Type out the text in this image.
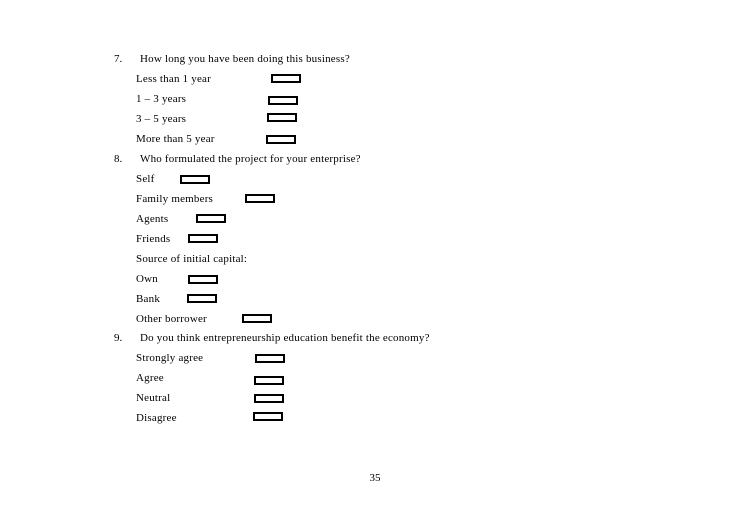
7. How long you have been doing this business?
Less than 1 year
1 – 3 years
3 – 5 years
More than 5 year
8. Who formulated the project for your enterprise?
Self
Family members
Agents
Friends
Source of initial capital:
Own
Bank
Other borrower
9. Do you think entrepreneurship education benefit the economy?
Strongly agree
Agree
Neutral
Disagree
35
